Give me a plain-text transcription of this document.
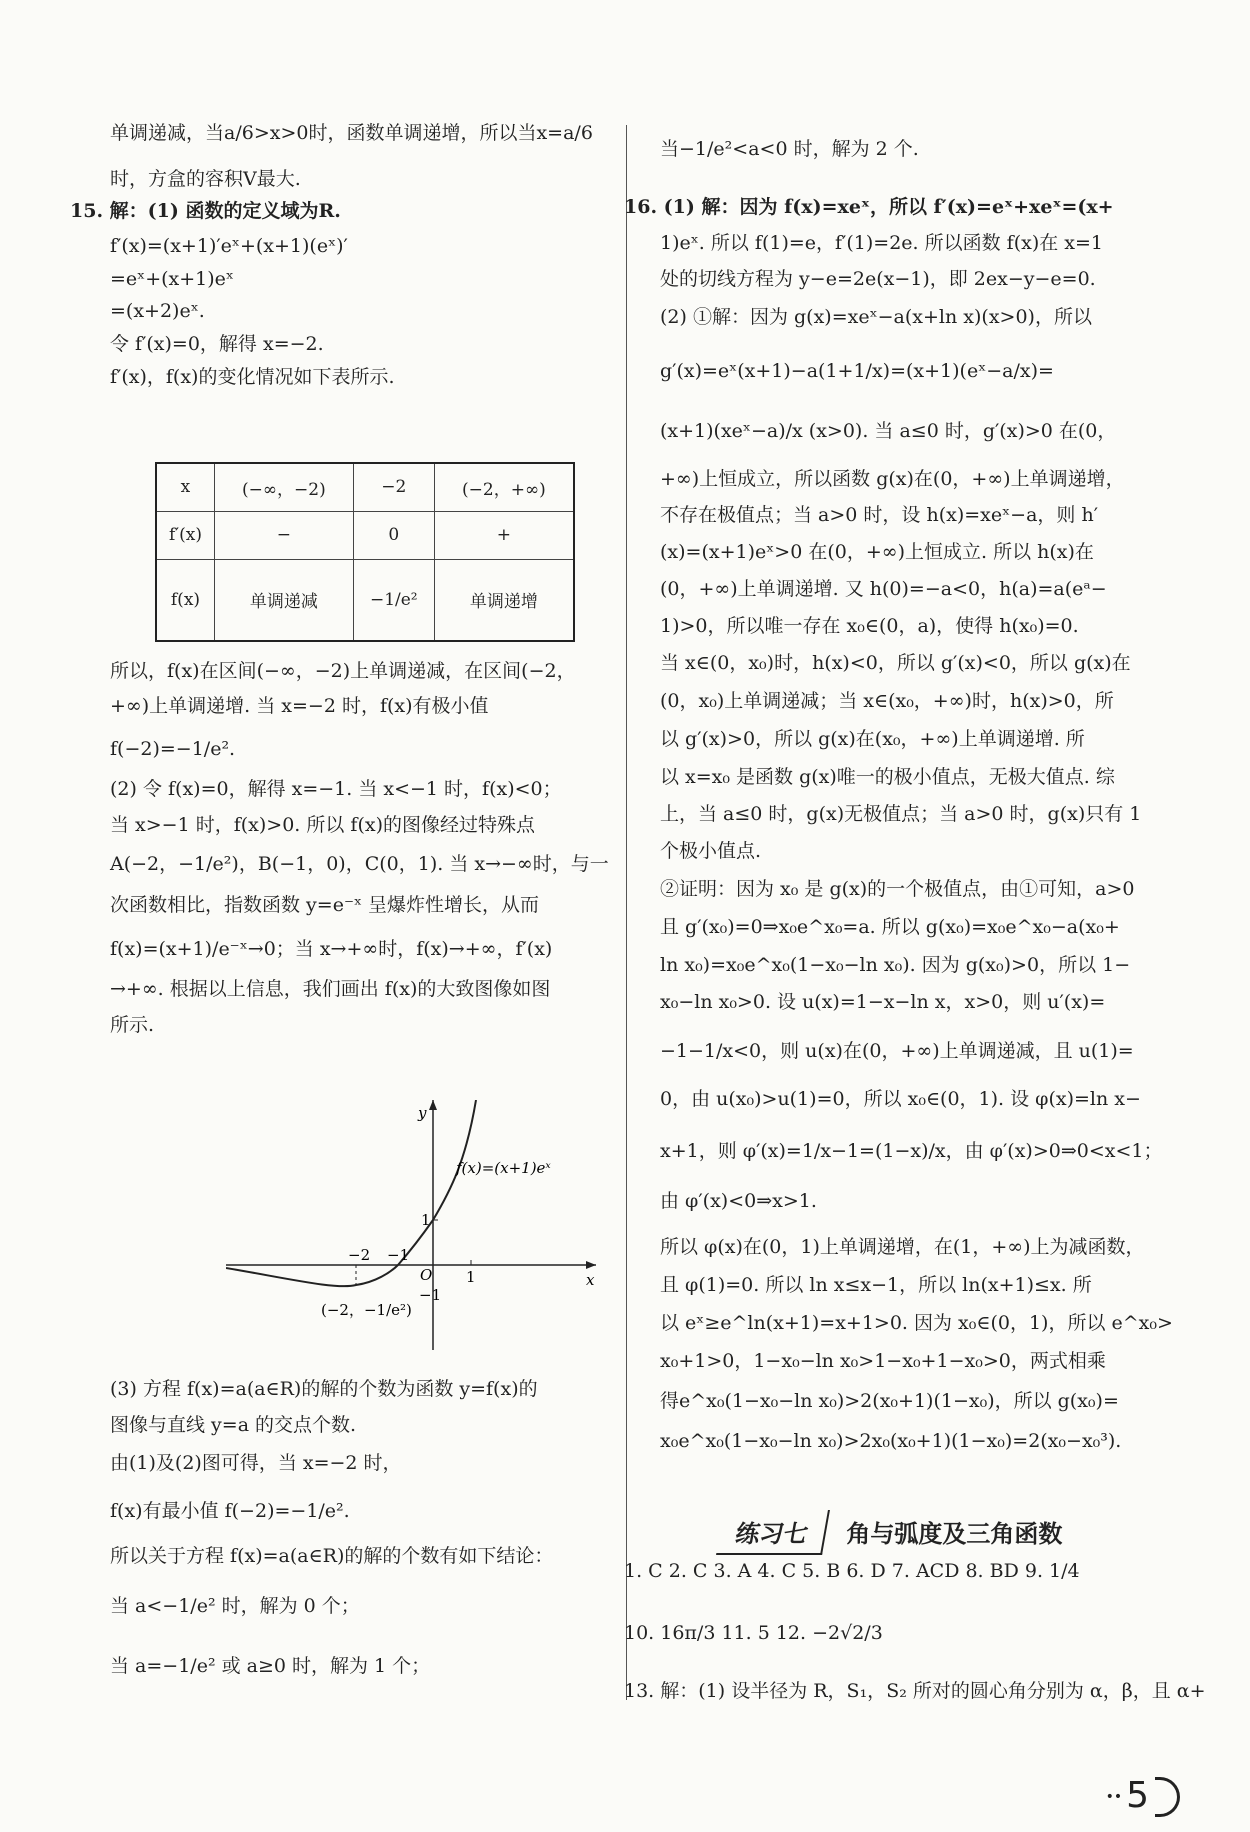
单调递减，当a/6>x>0时，函数单调递增，所以当x=a/6
时，方盒的容积V最大.
15. 解：(1) 函数的定义域为R.
f′(x)=(x+1)′eˣ+(x+1)(eˣ)′
=eˣ+(x+1)eˣ
=(x+2)eˣ.
令 f′(x)=0，解得 x=−2.
f′(x)，f(x)的变化情况如下表所示.
x	(−∞，−2)	−2	(−2，+∞)
f′(x)	−	0	+
f(x)	单调递减	−1/e²	单调递增
所以，f(x)在区间(−∞，−2)上单调递减，在区间(−2，
+∞)上单调递增. 当 x=−2 时，f(x)有极小值
f(−2)=−1/e².
(2) 令 f(x)=0，解得 x=−1. 当 x<−1 时，f(x)<0；
当 x>−1 时，f(x)>0. 所以 f(x)的图像经过特殊点
A(−2，−1/e²)，B(−1，0)，C(0，1). 当 x→−∞时，与一
次函数相比，指数函数 y=e⁻ˣ 呈爆炸性增长，从而
f(x)=(x+1)/e⁻ˣ→0；当 x→+∞时，f(x)→+∞，f′(x)
→+∞. 根据以上信息，我们画出 f(x)的大致图像如图
所示.
f(x)=(x+1)eˣ
x
y
O
−2 −1
1
1
−1
(−2，−1/e²)
(3) 方程 f(x)=a(a∈R)的解的个数为函数 y=f(x)的
图像与直线 y=a 的交点个数.
由(1)及(2)图可得，当 x=−2 时，
f(x)有最小值 f(−2)=−1/e².
所以关于方程 f(x)=a(a∈R)的解的个数有如下结论：
当 a<−1/e² 时，解为 0 个；
当 a=−1/e² 或 a≥0 时，解为 1 个；
当−1/e²<a<0 时，解为 2 个.
16. (1) 解：因为 f(x)=xeˣ，所以 f′(x)=eˣ+xeˣ=(x+
1)eˣ. 所以 f(1)=e，f′(1)=2e. 所以函数 f(x)在 x=1
处的切线方程为 y−e=2e(x−1)，即 2ex−y−e=0.
(2) ①解：因为 g(x)=xeˣ−a(x+ln x)(x>0)，所以
g′(x)=eˣ(x+1)−a(1+1/x)=(x+1)(eˣ−a/x)=
(x+1)(xeˣ−a)/x (x>0). 当 a≤0 时，g′(x)>0 在(0，
+∞)上恒成立，所以函数 g(x)在(0，+∞)上单调递增，
不存在极值点；当 a>0 时，设 h(x)=xeˣ−a，则 h′
(x)=(x+1)eˣ>0 在(0，+∞)上恒成立. 所以 h(x)在
(0，+∞)上单调递增. 又 h(0)=−a<0，h(a)=a(eᵃ−
1)>0，所以唯一存在 x₀∈(0，a)，使得 h(x₀)=0.
当 x∈(0，x₀)时，h(x)<0，所以 g′(x)<0，所以 g(x)在
(0，x₀)上单调递减；当 x∈(x₀，+∞)时，h(x)>0，所
以 g′(x)>0，所以 g(x)在(x₀，+∞)上单调递增. 所
以 x=x₀ 是函数 g(x)唯一的极小值点，无极大值点. 综
上，当 a≤0 时，g(x)无极值点；当 a>0 时，g(x)只有 1
个极小值点.
②证明：因为 x₀ 是 g(x)的一个极值点，由①可知，a>0
且 g′(x₀)=0⇒x₀e^x₀=a. 所以 g(x₀)=x₀e^x₀−a(x₀+
ln x₀)=x₀e^x₀(1−x₀−ln x₀). 因为 g(x₀)>0，所以 1−
x₀−ln x₀>0. 设 u(x)=1−x−ln x，x>0，则 u′(x)=
−1−1/x<0，则 u(x)在(0，+∞)上单调递减，且 u(1)=
0，由 u(x₀)>u(1)=0，所以 x₀∈(0，1). 设 φ(x)=ln x−
x+1，则 φ′(x)=1/x−1=(1−x)/x，由 φ′(x)>0⇒0<x<1；
由 φ′(x)<0⇒x>1.
所以 φ(x)在(0，1)上单调递增，在(1，+∞)上为减函数，
且 φ(1)=0. 所以 ln x≤x−1，所以 ln(x+1)≤x. 所
以 eˣ≥e^ln(x+1)=x+1>0. 因为 x₀∈(0，1)，所以 e^x₀>
x₀+1>0，1−x₀−ln x₀>1−x₀+1−x₀>0，两式相乘
得e^x₀(1−x₀−ln x₀)>2(x₀+1)(1−x₀)，所以 g(x₀)=
x₀e^x₀(1−x₀−ln x₀)>2x₀(x₀+1)(1−x₀)=2(x₀−x₀³).
练习七 角与弧度及三角函数
1. C 2. C 3. A 4. C 5. B 6. D 7. ACD 8. BD 9. 1/4
10. 16π/3 11. 5 12. −2√2/3
13. 解：(1) 设半径为 R，S₁，S₂ 所对的圆心角分别为 α，β，且 α+
•• 5
